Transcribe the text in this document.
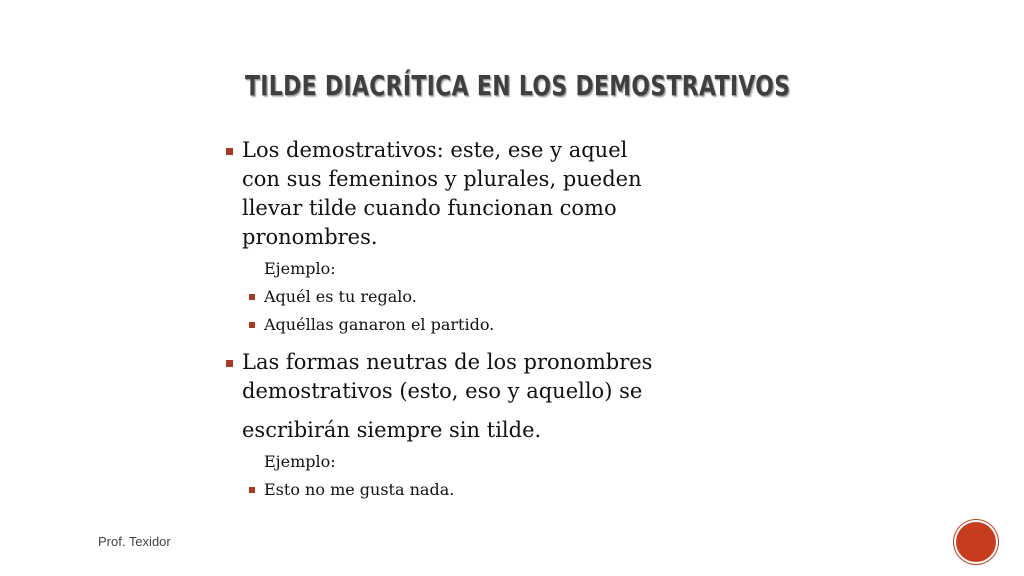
TILDE DIACRÍTICA EN LOS DEMOSTRATIVOS
Los demostrativos: este, ese y aquel
con sus femeninos y plurales, pueden
llevar tilde cuando funcionan como
pronombres.
Ejemplo:
Aquél es tu regalo.
Aquéllas ganaron el partido.
Las formas neutras de los pronombres
demostrativos (esto, eso y aquello) se
escribirán siempre sin tilde.
Ejemplo:
Esto no me gusta nada.
Prof. Texidor
